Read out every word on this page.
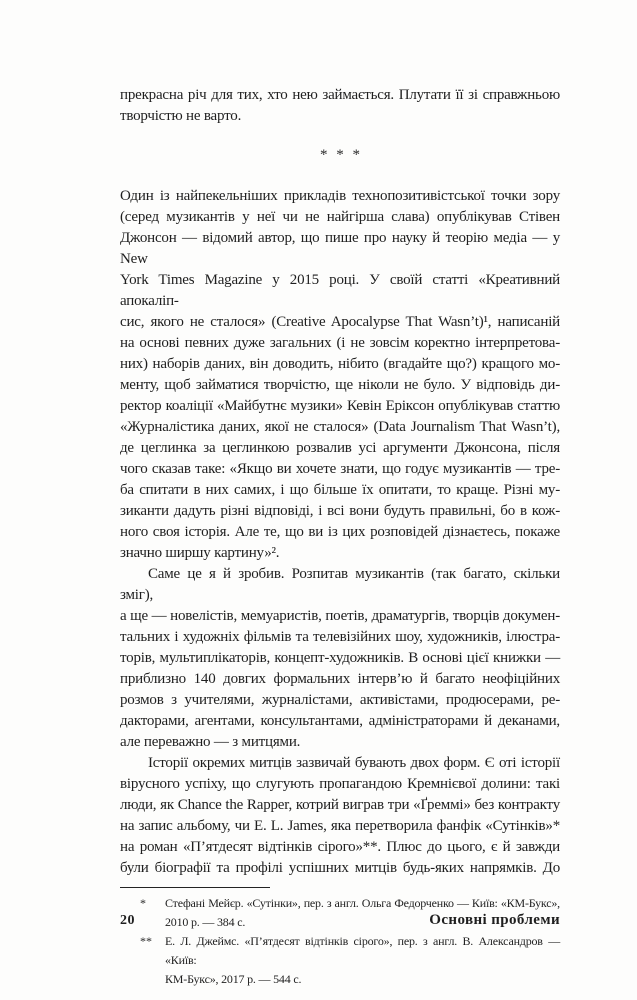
прекрасна річ для тих, хто нею займається. Плутати її зі справжньою
творчістю не варто.
* * *
Один із найпекельніших прикладів технопозитивістської точки зору
(серед музикантів у неї чи не найгірша слава) опублікував Стівен
Джонсон — відомий автор, що пише про науку й теорію медіа — у New
York Times Magazine у 2015 році. У своїй статті «Креативний апокаліп-
сис, якого не сталося» (Creative Apocalypse That Wasn’t)¹, написаній
на основі певних дуже загальних (і не зовсім коректно інтерпретова-
них) наборів даних, він доводить, нібито (вгадайте що?) кращого мо-
менту, щоб займатися творчістю, ще ніколи не було. У відповідь ди-
ректор коаліції «Майбутнє музики» Кевін Еріксон опублікував статтю
«Журналістика даних, якої не сталося» (Data Journalism That Wasn’t),
де цеглинка за цеглинкою розвалив усі аргументи Джонсона, після
чого сказав таке: «Якщо ви хочете знати, що годує музикантів — тре-
ба спитати в них самих, і що більше їх опитати, то краще. Різні му-
зиканти дадуть різні відповіді, і всі вони будуть правильні, бо в кож-
ного своя історія. Але те, що ви із цих розповідей дізнаєтесь, покаже
значно ширшу картину»².
Саме це я й зробив. Розпитав музикантів (так багато, скільки зміг),
а ще — новелістів, мемуаристів, поетів, драматургів, творців докумен-
тальних і художніх фільмів та телевізійних шоу, художників, ілюстра-
торів, мультиплікаторів, концепт-художників. В основі цієї книжки —
приблизно 140 довгих формальних інтерв’ю й багато неофіційних
розмов з учителями, журналістами, активістами, продюсерами, ре-
дакторами, агентами, консультантами, адміністраторами й деканами,
але переважно — з митцями.
Історії окремих митців зазвичай бувають двох форм. Є оті історії
вірусного успіху, що слугують пропагандою Кремнієвої долини: такі
люди, як Chance the Rapper, котрий виграв три «Ґреммі» без контракту
на запис альбому, чи E. L. James, яка перетворила фанфік «Сутінків»*
на роман «П’ятдесят відтінків сірого»**. Плюс до цього, є й завжди
були біографії та профілі успішних митців будь-яких напрямків. До
* Стефані Мейєр. «Сутінки», пер. з англ. Ольга Федорченко — Київ: «КМ-Букс»,
2010 р. — 384 с.
** Е. Л. Джеймс. «П’ятдесят відтінків сірого», пер. з англ. В. Александров — «Київ:
КМ-Букс», 2017 р. — 544 с.
20	Основні проблеми
